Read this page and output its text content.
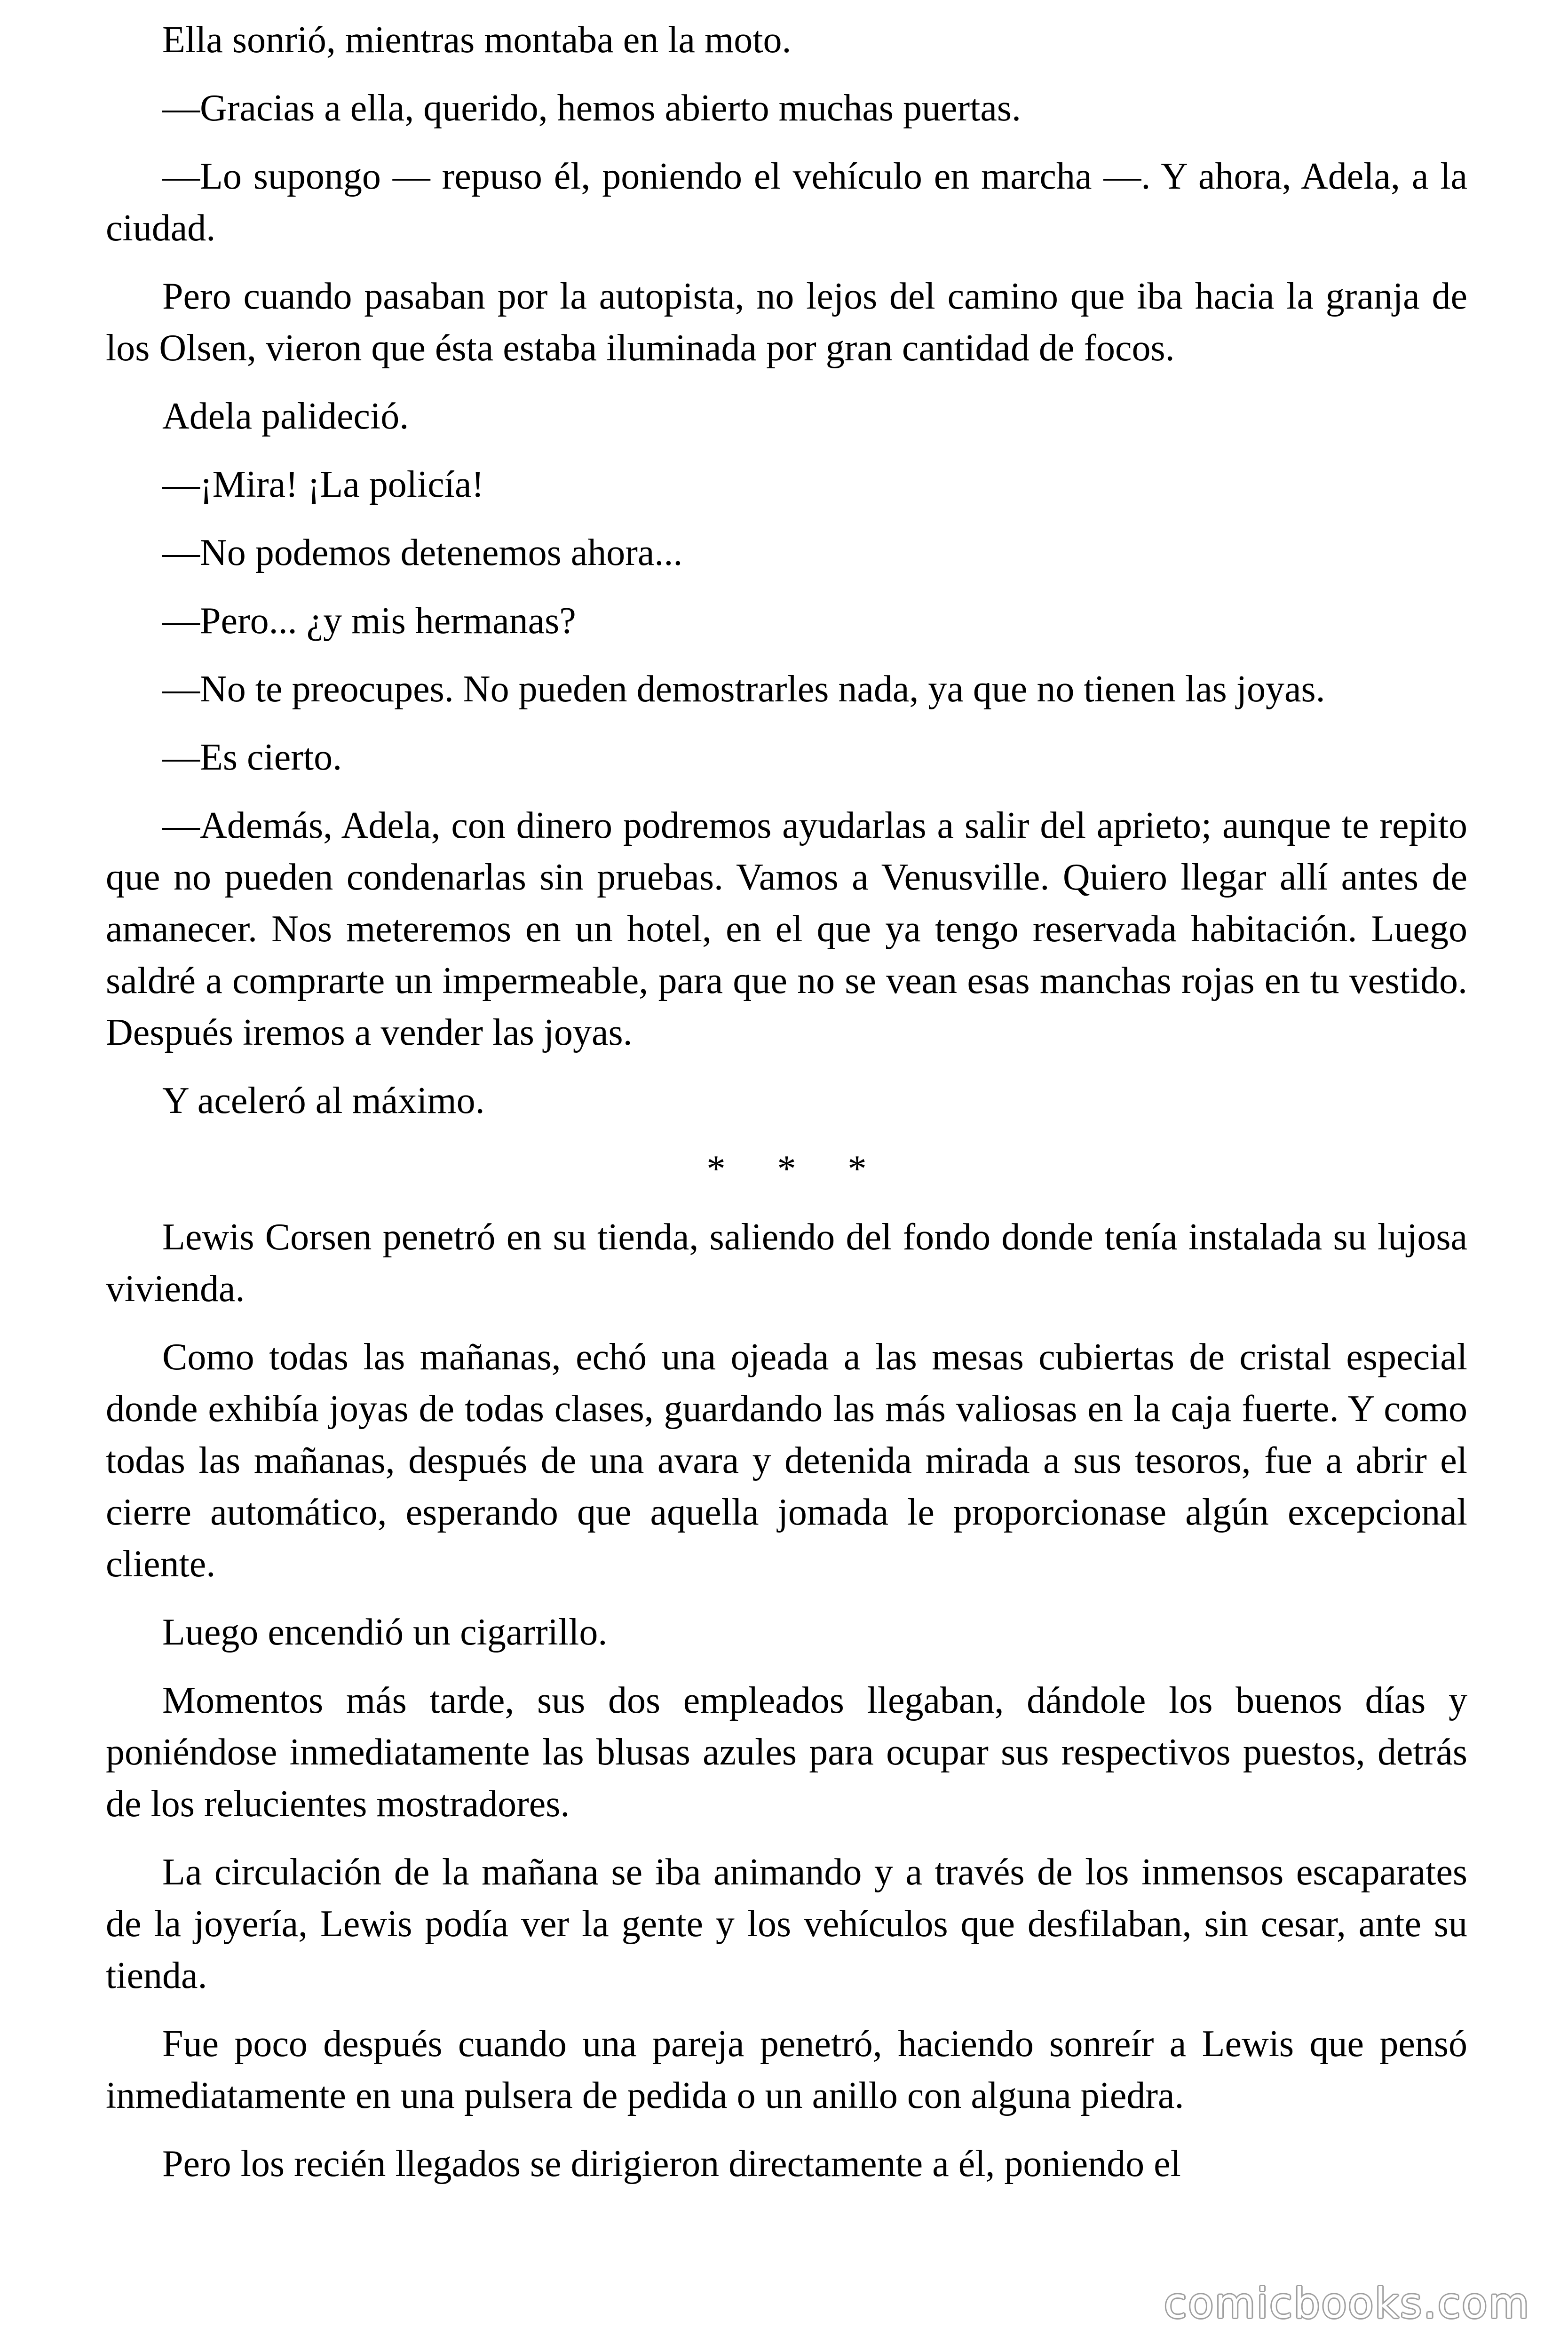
Ella sonrió, mientras montaba en la moto.

—Gracias a ella, querido, hemos abierto muchas puertas.

—Lo supongo — repuso él, poniendo el vehículo en marcha —. Y ahora, Adela, a la ciudad.

Pero cuando pasaban por la autopista, no lejos del camino que iba hacia la granja de los Olsen, vieron que ésta estaba iluminada por gran cantidad de focos.

Adela palideció.

—¡Mira! ¡La policía!

—No podemos detenemos ahora...

—Pero... ¿y mis hermanas?

—No te preocupes. No pueden demostrarles nada, ya que no tienen las joyas.

—Es cierto.

—Además, Adela, con dinero podremos ayudarlas a salir del aprieto; aunque te repito que no pueden condenarlas sin pruebas. Vamos a Venusville. Quiero llegar allí antes de amanecer. Nos meteremos en un hotel, en el que ya tengo reservada habitación. Luego saldré a comprarte un impermeable, para que no se vean esas manchas rojas en tu vestido. Después iremos a vender las joyas.

Y aceleró al máximo.

* * *

Lewis Corsen penetró en su tienda, saliendo del fondo donde tenía instalada su lujosa vivienda.

Como todas las mañanas, echó una ojeada a las mesas cubiertas de cristal especial donde exhibía joyas de todas clases, guardando las más valiosas en la caja fuerte. Y como todas las mañanas, después de una avara y detenida mirada a sus tesoros, fue a abrir el cierre automático, esperando que aquella jomada le proporcionase algún excepcional cliente.

Luego encendió un cigarrillo.

Momentos más tarde, sus dos empleados llegaban, dándole los buenos días y poniéndose inmediatamente las blusas azules para ocupar sus respectivos puestos, detrás de los relucientes mostradores.

La circulación de la mañana se iba animando y a través de los inmensos escaparates de la joyería, Lewis podía ver la gente y los vehículos que desfilaban, sin cesar, ante su tienda.

Fue poco después cuando una pareja penetró, haciendo sonreír a Lewis que pensó inmediatamente en una pulsera de pedida o un anillo con alguna piedra.

Pero los recién llegados se dirigieron directamente a él, poniendo el

comicbooks.com
